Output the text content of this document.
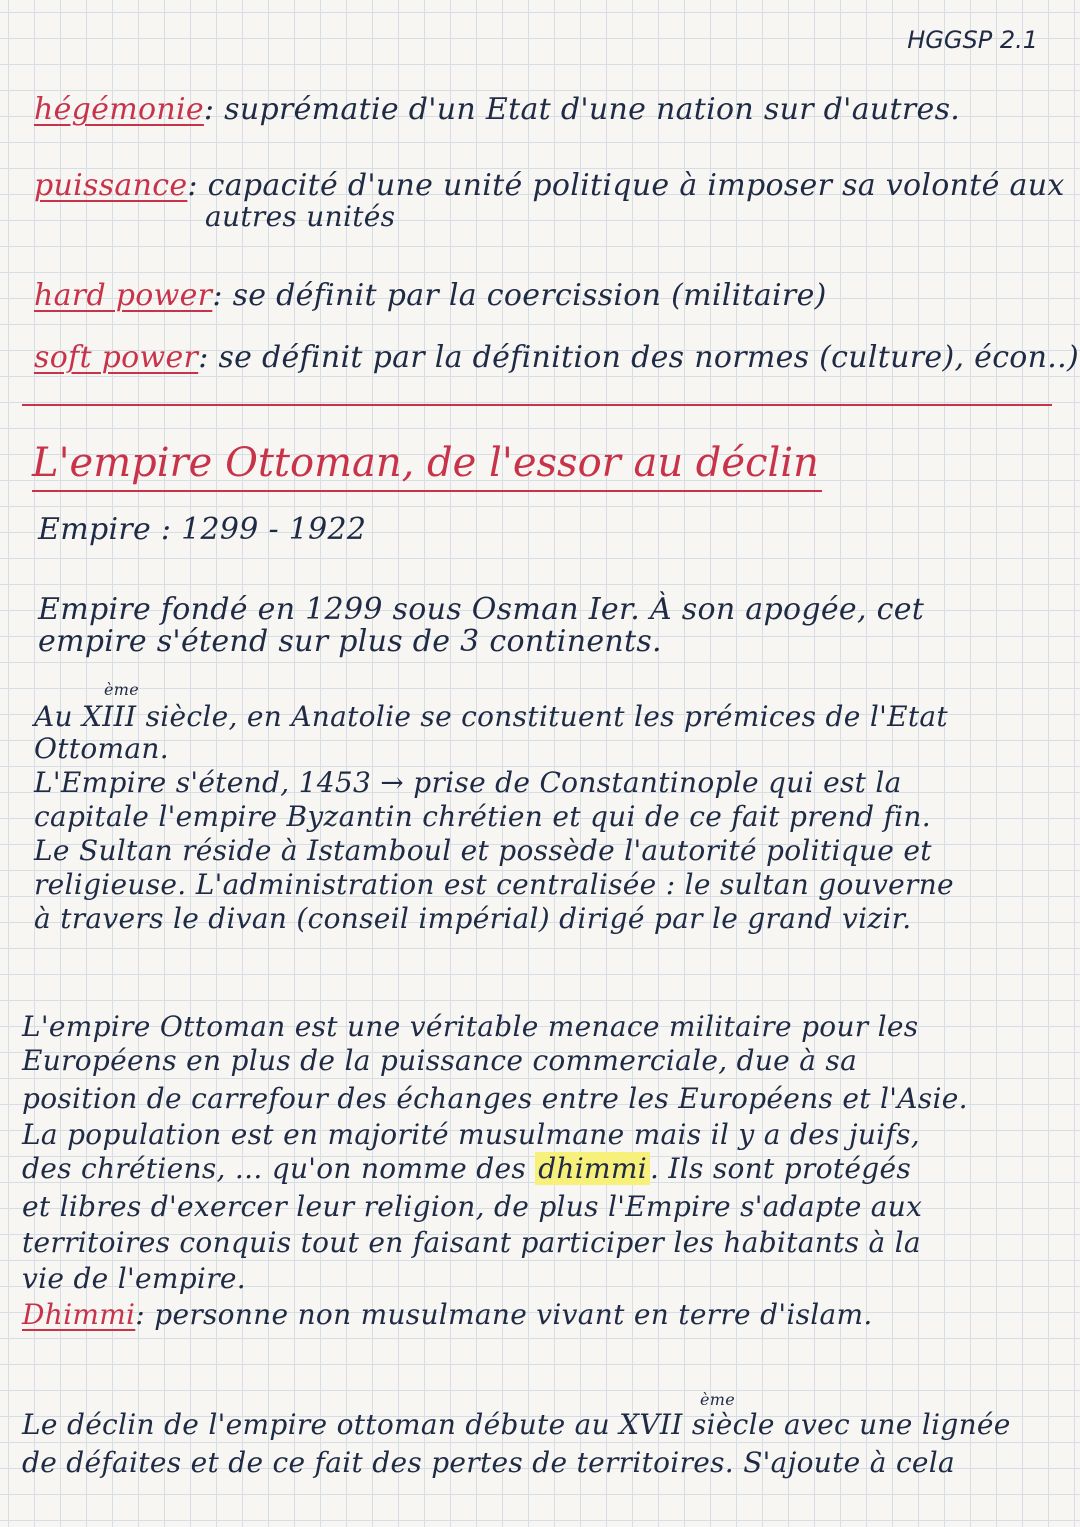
HGGSP 2.1
hégémonie: suprématie d'un Etat d'une nation sur d'autres.
puissance: capacité d'une unité politique à imposer sa volonté aux
autres unités
hard power: se définit par la coercission (militaire)
soft power: se définit par la définition des normes (culture), écon..)
L'empire Ottoman, de l'essor au déclin
Empire : 1299 - 1922
Empire fondé en 1299 sous Osman Ier. À son apogée, cet
empire s'étend sur plus de 3 continents.
ème
Au XIII siècle, en Anatolie se constituent les prémices de l'Etat
Ottoman.
L'Empire s'étend, 1453 → prise de Constantinople qui est la
capitale l'empire Byzantin chrétien et qui de ce fait prend fin.
Le Sultan réside à Istamboul et possède l'autorité politique et
religieuse. L'administration est centralisée : le sultan gouverne
à travers le divan (conseil impérial) dirigé par le grand vizir.
L'empire Ottoman est une véritable menace militaire pour les
Européens en plus de la puissance commerciale, due à sa
position de carrefour des échanges entre les Européens et l'Asie.
La population est en majorité musulmane mais il y a des juifs,
des chrétiens, ... qu'on nomme des dhimmi . Ils sont protégés
et libres d'exercer leur religion, de plus l'Empire s'adapte aux
territoires conquis tout en faisant participer les habitants à la
vie de l'empire.
Dhimmi: personne non musulmane vivant en terre d'islam.
ème
Le déclin de l'empire ottoman débute au XVII siècle avec une lignée
de défaites et de ce fait des pertes de territoires. S'ajoute à cela
